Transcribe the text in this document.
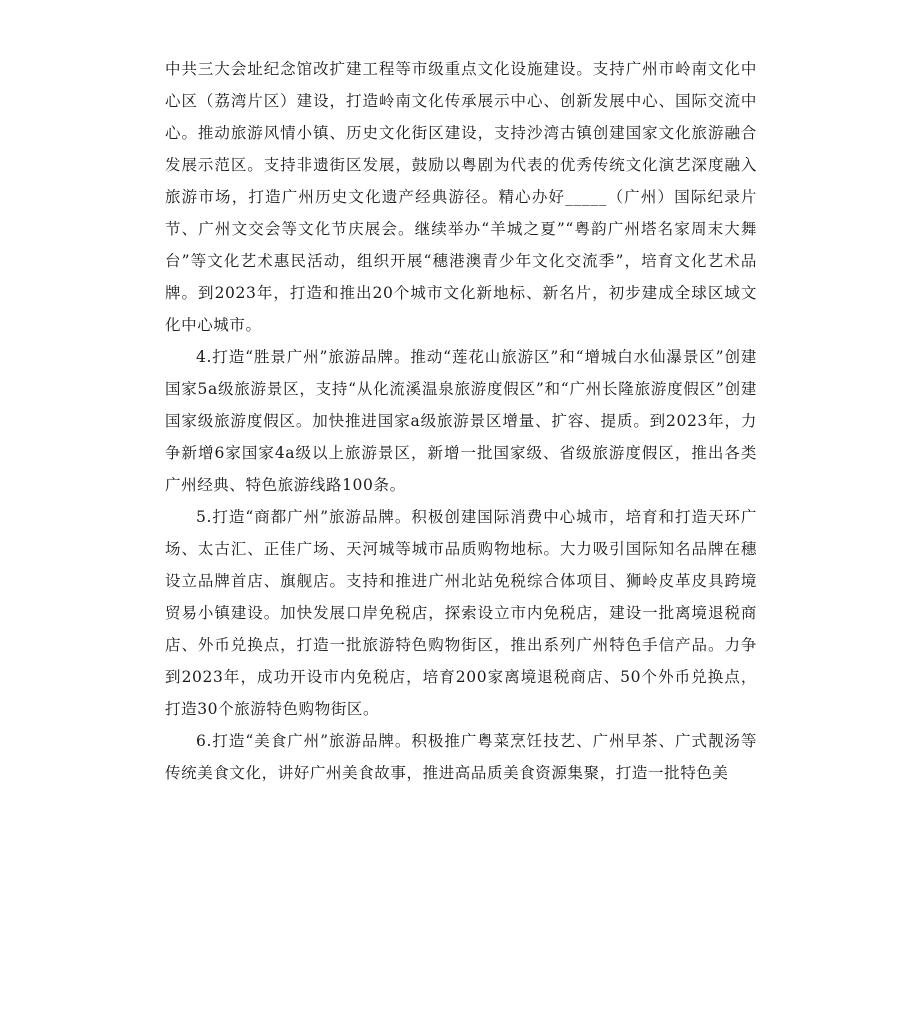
中共三大会址纪念馆改扩建工程等市级重点文化设施建设。支持广州市岭南文化中心区（荔湾片区）建设，打造岭南文化传承展示中心、创新发展中心、国际交流中心。推动旅游风情小镇、历史文化街区建设，支持沙湾古镇创建国家文化旅游融合发展示范区。支持非遗街区发展，鼓励以粤剧为代表的优秀传统文化演艺深度融入旅游市场，打造广州历史文化遗产经典游径。精心办好_____（广州）国际纪录片节、广州文交会等文化节庆展会。继续举办“羊城之夏”“粤韵广州塔名家周末大舞台”等文化艺术惠民活动，组织开展“穗港澳青少年文化交流季”，培育文化艺术品牌。到2023年，打造和推出20个城市文化新地标、新名片，初步建成全球区域文化中心城市。

4.打造“胜景广州”旅游品牌。推动“莲花山旅游区”和“增城白水仙瀑景区”创建国家5a级旅游景区，支持“从化流溪温泉旅游度假区”和“广州长隆旅游度假区”创建国家级旅游度假区。加快推进国家a级旅游景区增量、扩容、提质。到2023年，力争新增6家国家4a级以上旅游景区，新增一批国家级、省级旅游度假区，推出各类广州经典、特色旅游线路100条。

5.打造“商都广州”旅游品牌。积极创建国际消费中心城市，培育和打造天环广场、太古汇、正佳广场、天河城等城市品质购物地标。大力吸引国际知名品牌在穗设立品牌首店、旗舰店。支持和推进广州北站免税综合体项目、狮岭皮革皮具跨境贸易小镇建设。加快发展口岸免税店，探索设立市内免税店，建设一批离境退税商店、外币兑换点，打造一批旅游特色购物街区，推出系列广州特色手信产品。力争到2023年，成功开设市内免税店，培育200家离境退税商店、50个外币兑换点，打造30个旅游特色购物街区。

6.打造“美食广州”旅游品牌。积极推广粤菜烹饪技艺、广州早茶、广式靓汤等传统美食文化，讲好广州美食故事，推进高品质美食资源集聚，打造一批特色美
